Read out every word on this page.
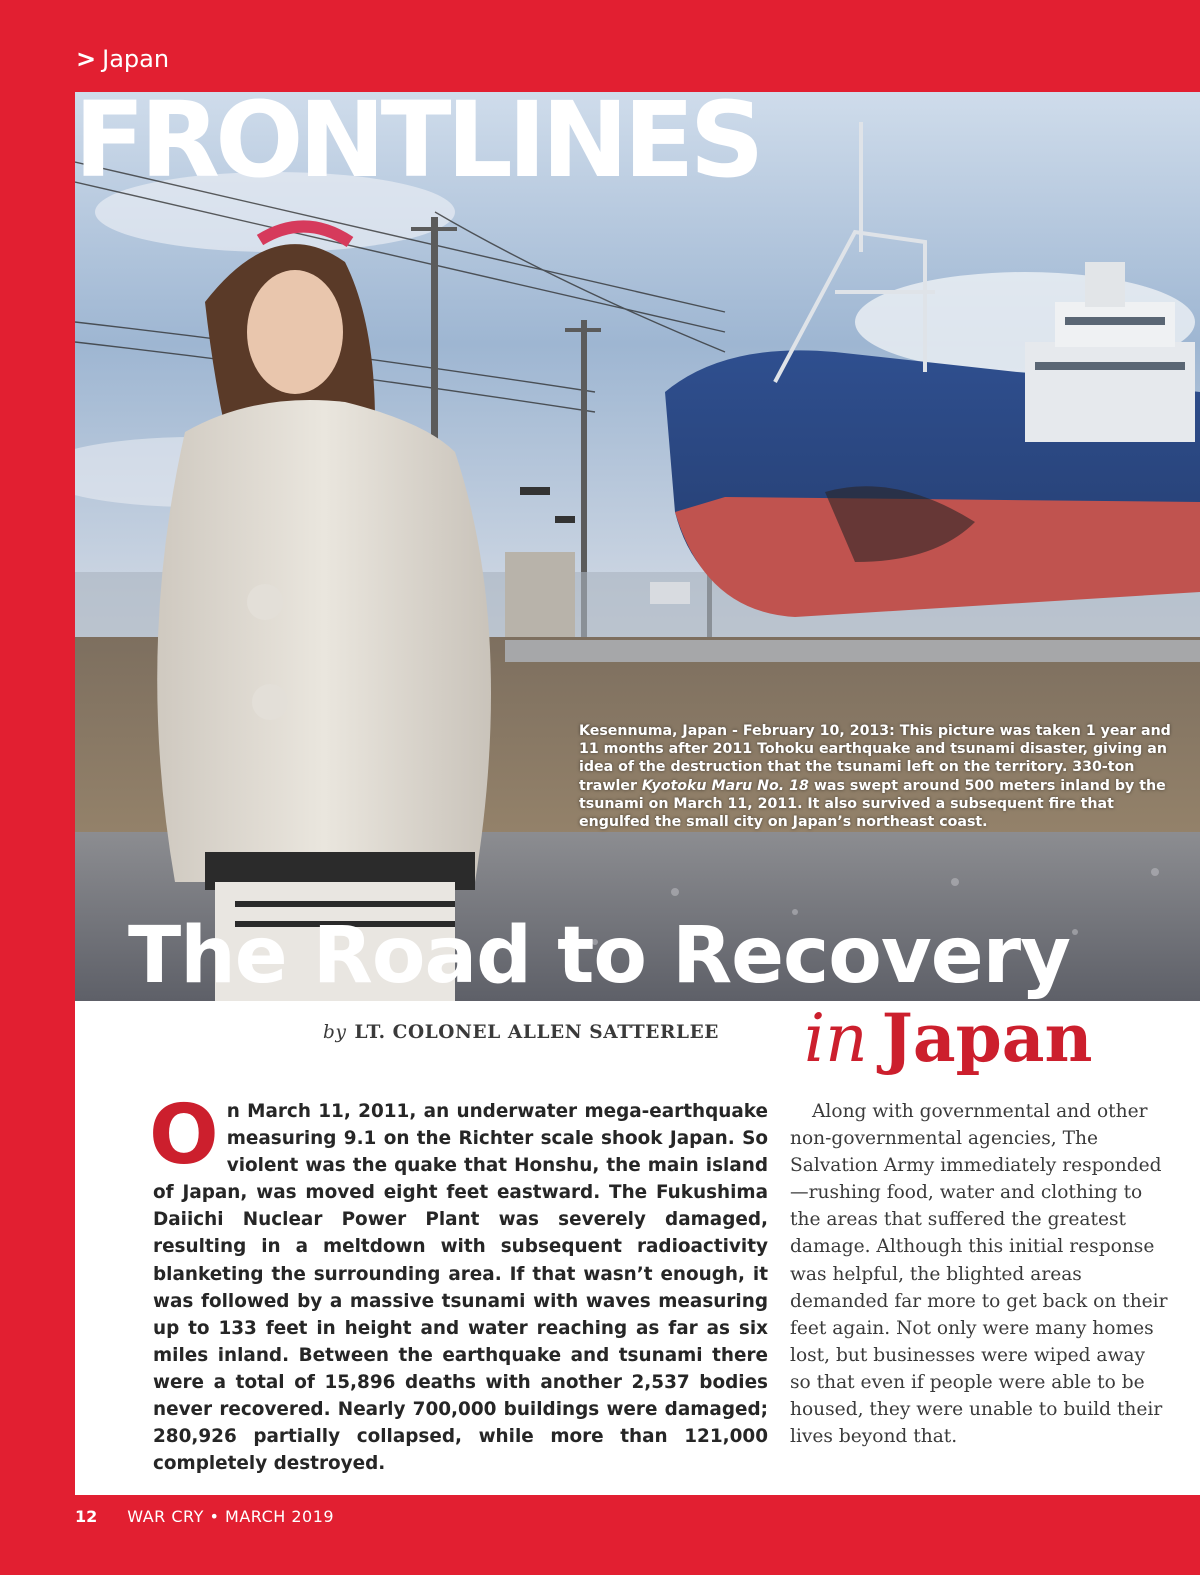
> Japan
FRONTLINES
Kesennuma, Japan - February 10, 2013: This picture was taken 1 year and 11 months after 2011 Tohoku earthquake and tsunami disaster, giving an idea of the destruction that the tsunami left on the territory. 330-ton trawler Kyotoku Maru No. 18 was swept around 500 meters inland by the tsunami on March 11, 2011. It also survived a subsequent fire that engulfed the small city on Japan’s northeast coast.
The Road to Recovery
in Japan
by LT. COLONEL ALLEN SATTERLEE
On March 11, 2011, an underwater mega-earthquake measuring 9.1 on the Richter scale shook Japan. So violent was the quake that Honshu, the main island of Japan, was moved eight feet eastward. The Fukushima Daiichi Nuclear Power Plant was severely damaged, resulting in a meltdown with subsequent radioactivity blanketing the surrounding area. If that wasn’t enough, it was followed by a massive tsunami with waves measuring up to 133 feet in height and water reaching as far as six miles inland. Between the earthquake and tsunami there were a total of 15,896 deaths with another 2,537 bodies never recovered. Nearly 700,000 buildings were damaged; 280,926 partially collapsed, while more than 121,000 completely destroyed.
Along with governmental and other non-governmental agencies, The Salvation Army immediately responded—rushing food, water and clothing to the areas that suffered the greatest damage. Although this initial response was helpful, the blighted areas demanded far more to get back on their feet again. Not only were many homes lost, but businesses were wiped away so that even if people were able to be housed, they were unable to build their lives beyond that.
12 WAR CRY • MARCH 2019
